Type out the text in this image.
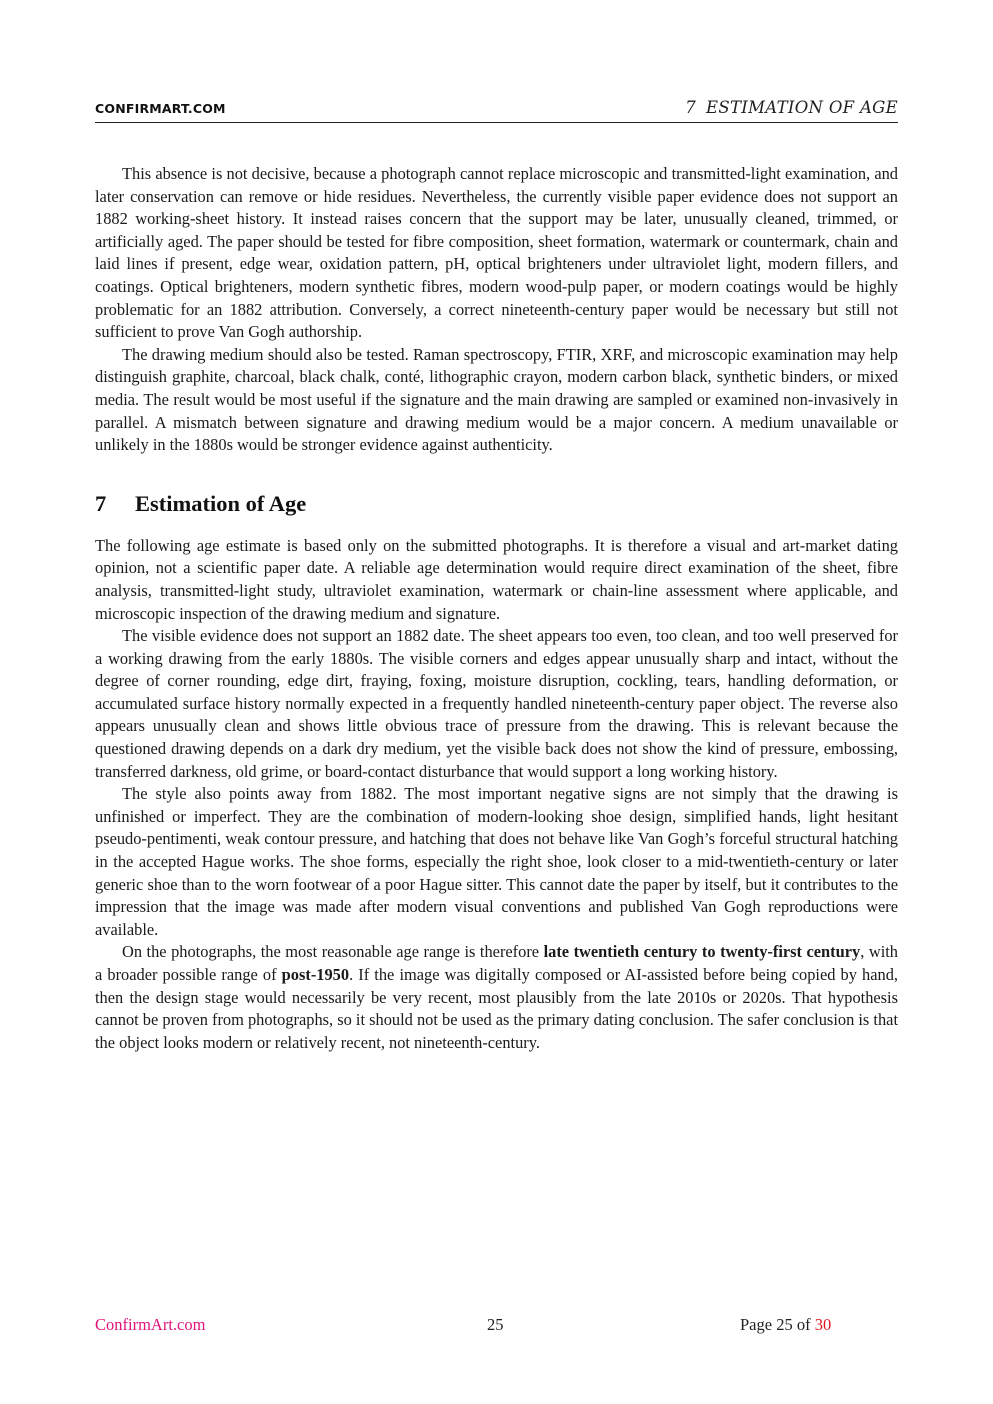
CONFIRMART.COM	7 ESTIMATION OF AGE

This absence is not decisive, because a photograph cannot replace microscopic and transmitted-light examination, and later conservation can remove or hide residues. Nevertheless, the currently visible paper evidence does not support an 1882 working-sheet history. It instead raises concern that the support may be later, unusually cleaned, trimmed, or artificially aged. The paper should be tested for fibre composition, sheet formation, watermark or countermark, chain and laid lines if present, edge wear, oxidation pattern, pH, optical brighteners under ultraviolet light, modern fillers, and coatings. Optical brighteners, modern synthetic fibres, modern wood-pulp paper, or modern coatings would be highly problematic for an 1882 attribution. Conversely, a correct nineteenth-century paper would be necessary but still not sufficient to prove Van Gogh authorship.

The drawing medium should also be tested. Raman spectroscopy, FTIR, XRF, and microscopic examination may help distinguish graphite, charcoal, black chalk, conté, lithographic crayon, modern carbon black, synthetic binders, or mixed media. The result would be most useful if the signature and the main drawing are sampled or examined non-invasively in parallel. A mismatch between signature and drawing medium would be a major concern. A medium unavailable or unlikely in the 1880s would be stronger evidence against authenticity.

7 Estimation of Age

The following age estimate is based only on the submitted photographs. It is therefore a visual and art-market dating opinion, not a scientific paper date. A reliable age determination would require direct examination of the sheet, fibre analysis, transmitted-light study, ultraviolet examination, watermark or chain-line assessment where applicable, and microscopic inspection of the drawing medium and signature.

The visible evidence does not support an 1882 date. The sheet appears too even, too clean, and too well preserved for a working drawing from the early 1880s. The visible corners and edges appear unusually sharp and intact, without the degree of corner rounding, edge dirt, fraying, foxing, moisture disruption, cockling, tears, handling deformation, or accumulated surface history normally expected in a frequently handled nineteenth-century paper object. The reverse also appears unusually clean and shows little obvious trace of pressure from the drawing. This is relevant because the questioned drawing depends on a dark dry medium, yet the visible back does not show the kind of pressure, embossing, transferred darkness, old grime, or board-contact disturbance that would support a long working history.

The style also points away from 1882. The most important negative signs are not simply that the drawing is unfinished or imperfect. They are the combination of modern-looking shoe design, simplified hands, light hesitant pseudo-pentimenti, weak contour pressure, and hatching that does not behave like Van Gogh’s forceful structural hatching in the accepted Hague works. The shoe forms, especially the right shoe, look closer to a mid-twentieth-century or later generic shoe than to the worn footwear of a poor Hague sitter. This cannot date the paper by itself, but it contributes to the impression that the image was made after modern visual conventions and published Van Gogh reproductions were available.

On the photographs, the most reasonable age range is therefore late twentieth century to twenty-first century, with a broader possible range of post-1950. If the image was digitally composed or AI-assisted before being copied by hand, then the design stage would necessarily be very recent, most plausibly from the late 2010s or 2020s. That hypothesis cannot be proven from photographs, so it should not be used as the primary dating conclusion. The safer conclusion is that the object looks modern or relatively recent, not nineteenth-century.

ConfirmArt.com	25	Page 25 of 30
